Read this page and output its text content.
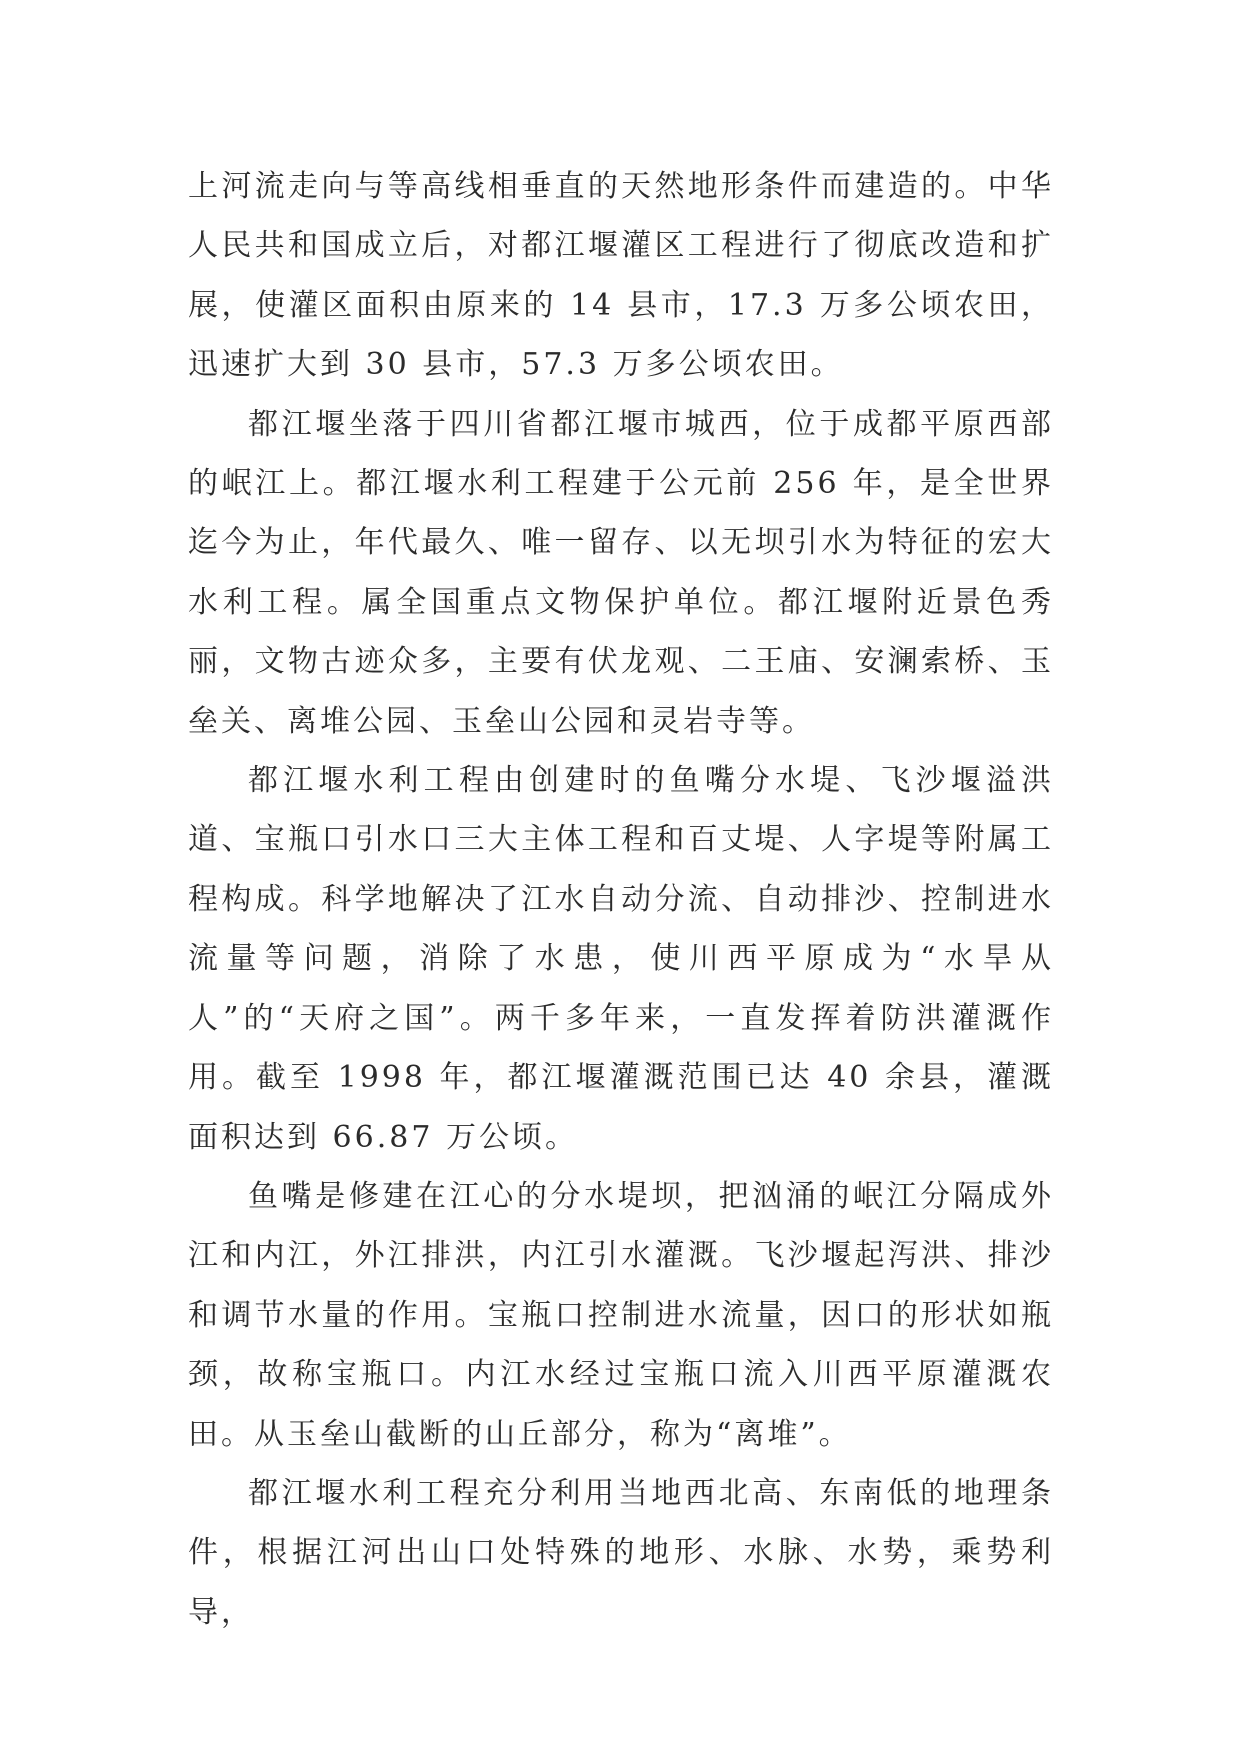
上河流走向与等高线相垂直的天然地形条件而建造的。中华人民共和国成立后，对都江堰灌区工程进行了彻底改造和扩展，使灌区面积由原来的 14 县市，17.3 万多公顷农田，迅速扩大到 30 县市，57.3 万多公顷农田。

都江堰坐落于四川省都江堰市城西，位于成都平原西部的岷江上。都江堰水利工程建于公元前 256 年，是全世界迄今为止，年代最久、唯一留存、以无坝引水为特征的宏大水利工程。属全国重点文物保护单位。都江堰附近景色秀丽，文物古迹众多，主要有伏龙观、二王庙、安澜索桥、玉垒关、离堆公园、玉垒山公园和灵岩寺等。

都江堰水利工程由创建时的鱼嘴分水堤、飞沙堰溢洪道、宝瓶口引水口三大主体工程和百丈堤、人字堤等附属工程构成。科学地解决了江水自动分流、自动排沙、控制进水流量等问题，消除了水患，使川西平原成为“水旱从人”的“天府之国”。两千多年来，一直发挥着防洪灌溉作用。截至 1998 年，都江堰灌溉范围已达 40 余县，灌溉面积达到 66.87 万公顷。

鱼嘴是修建在江心的分水堤坝，把汹涌的岷江分隔成外江和内江，外江排洪，内江引水灌溉。飞沙堰起泻洪、排沙和调节水量的作用。宝瓶口控制进水流量，因口的形状如瓶颈，故称宝瓶口。内江水经过宝瓶口流入川西平原灌溉农田。从玉垒山截断的山丘部分，称为“离堆”。

都江堰水利工程充分利用当地西北高、东南低的地理条件，根据江河出山口处特殊的地形、水脉、水势，乘势利导，
